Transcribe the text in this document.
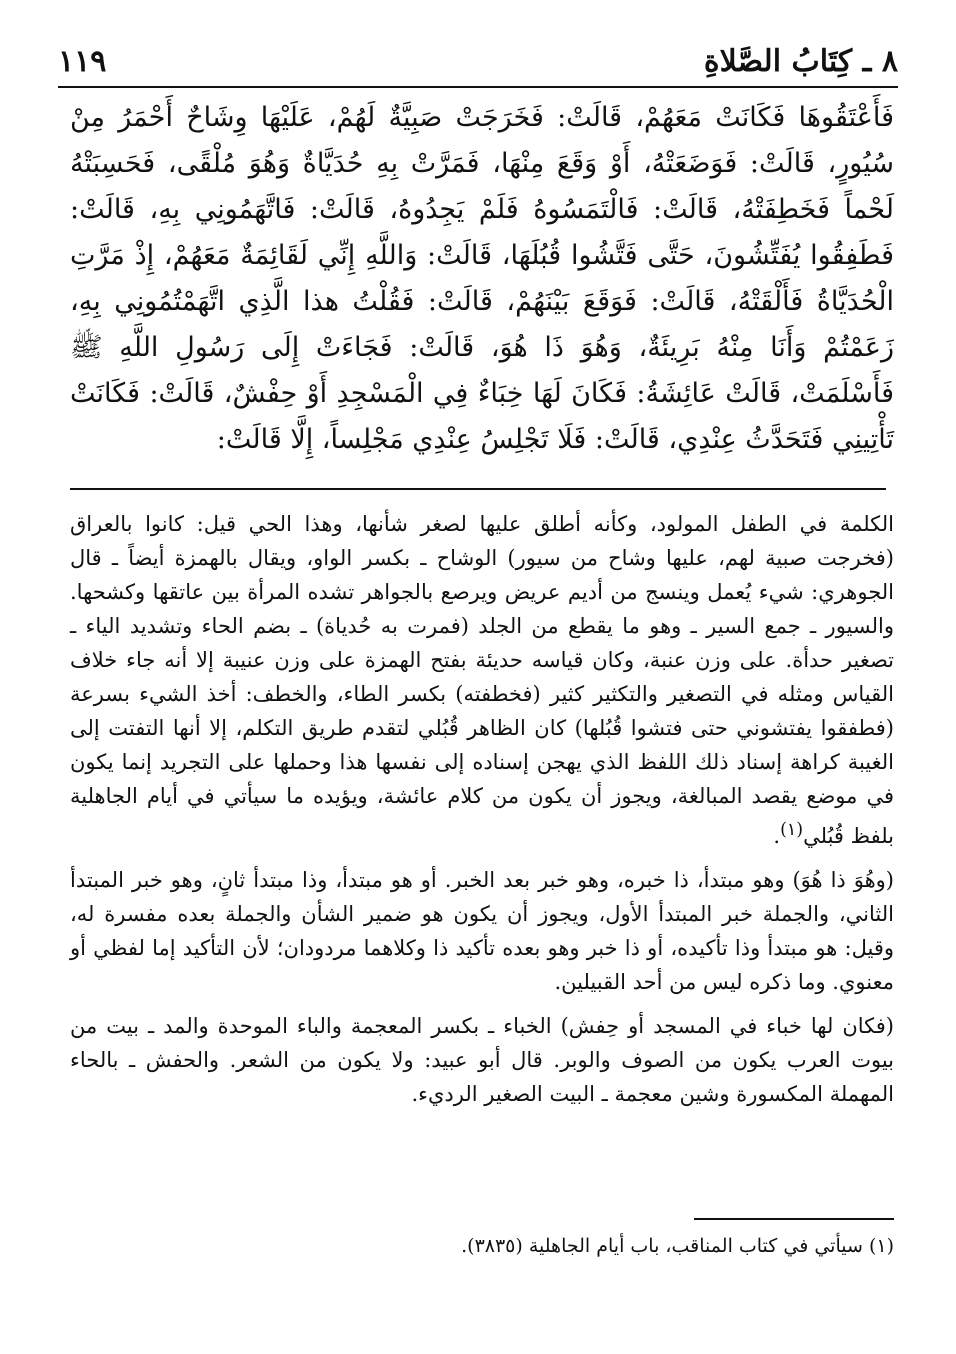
٨ ـ كِتَابُ الصَّلاةِ
١١٩

فَأَعْتَقُوهَا فَكَانَتْ مَعَهُمْ، قَالَتْ: فَخَرَجَتْ صَبِيَّةٌ لَهُمْ، عَلَيْهَا وِشَاحٌ أَحْمَرُ مِنْ سُيُورٍ، قَالَتْ: فَوَضَعَتْهُ، أَوْ وَقَعَ مِنْهَا، فَمَرَّتْ بِهِ حُدَيَّاةٌ وَهُوَ مُلْقًى، فَحَسِبَتْهُ لَحْماً فَخَطِفَتْهُ، قَالَتْ: فَالْتَمَسُوهُ فَلَمْ يَجِدُوهُ، قَالَتْ: فَاتَّهَمُونِي بِهِ، قَالَتْ: فَطَفِقُوا يُفَتِّشُونَ، حَتَّى فَتَّشُوا قُبُلَهَا، قَالَتْ: وَاللَّهِ إِنِّي لَقَائِمَةٌ مَعَهُمْ، إِذْ مَرَّتِ الْحُدَيَّاةُ فَأَلْقَتْهُ، قَالَتْ: فَوَقَعَ بَيْنَهُمْ، قَالَتْ: فَقُلْتُ هذا الَّذِي اتَّهَمْتُمُونِي بِهِ، زَعَمْتُمْ وَأَنَا مِنْهُ بَرِيئَةٌ، وَهُوَ ذَا هُوَ، قَالَتْ: فَجَاءَتْ إِلَى رَسُولِ اللَّهِ ﷺ فَأَسْلَمَتْ، قَالَتْ عَائِشَةُ: فَكَانَ لَهَا خِبَاءٌ فِي الْمَسْجِدِ أَوْ حِفْشٌ، قَالَتْ: فَكَانَتْ تَأْتِينِي فَتَحَدَّثُ عِنْدِي، قَالَتْ: فَلَا تَجْلِسُ عِنْدِي مَجْلِساً، إِلَّا قَالَتْ:

الكلمة في الطفل المولود، وكأنه أطلق عليها لصغر شأنها، وهذا الحي قيل: كانوا بالعراق (فخرجت صبية لهم، عليها وشاح من سيور) الوشاح ـ بكسر الواو، ويقال بالهمزة أيضاً ـ قال الجوهري: شيء يُعمل وينسج من أديم عريض ويرصع بالجواهر تشده المرأة بين عاتقها وكشحها. والسيور ـ جمع السير ـ وهو ما يقطع من الجلد (فمرت به حُدياة) ـ بضم الحاء وتشديد الياء ـ تصغير حدأة. على وزن عنبة، وكان قياسه حديئة بفتح الهمزة على وزن عنيبة إلا أنه جاء خلاف القياس ومثله في التصغير والتكثير كثير (فخطفته) بكسر الطاء، والخطف: أخذ الشيء بسرعة (فطفقوا يفتشوني حتى فتشوا قُبُلها) كان الظاهر قُبُلي لتقدم طريق التكلم، إلا أنها التفتت إلى الغيبة كراهة إسناد ذلك اللفظ الذي يهجن إسناده إلى نفسها هذا وحملها على التجريد إنما يكون في موضع يقصد المبالغة، ويجوز أن يكون من كلام عائشة، ويؤيده ما سيأتي في أيام الجاهلية بلفظ قُبُلي$^{(١)}$.

(وهُوَ ذا هُوَ) وهو مبتدأ، ذا خبره، وهو خبر بعد الخبر. أو هو مبتدأ، وذا مبتدأ ثانٍ، وهو خبر المبتدأ الثاني، والجملة خبر المبتدأ الأول، ويجوز أن يكون هو ضمير الشأن والجملة بعده مفسرة له، وقيل: هو مبتدأ وذا تأكيده، أو ذا خبر وهو بعده تأكيد ذا وكلاهما مردودان؛ لأن التأكيد إما لفظي أو معنوي. وما ذكره ليس من أحد القبيلين.

(فكان لها خباء في المسجد أو حِفش) الخباء ـ بكسر المعجمة والباء الموحدة والمد ـ بيت من بيوت العرب يكون من الصوف والوبر. قال أبو عبيد: ولا يكون من الشعر. والحفش ـ بالحاء المهملة المكسورة وشين معجمة ـ البيت الصغير الرديء.

(١) سيأتي في كتاب المناقب، باب أيام الجاهلية (٣٨٣٥).
